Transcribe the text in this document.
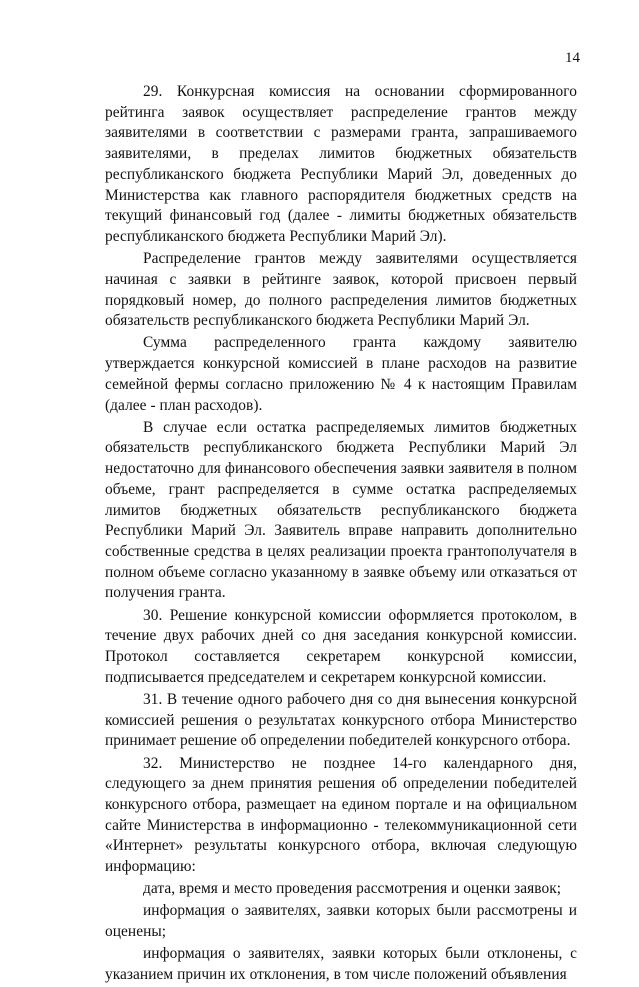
14

29. Конкурсная комиссия на основании сформированного рейтинга заявок осуществляет распределение грантов между заявителями в соответствии с размерами гранта, запрашиваемого заявителями, в пределах лимитов бюджетных обязательств республиканского бюджета Республики Марий Эл, доведенных до Министерства как главного распорядителя бюджетных средств на текущий финансовый год (далее - лимиты бюджетных обязательств республиканского бюджета Республики Марий Эл).

Распределение грантов между заявителями осуществляется начиная с заявки в рейтинге заявок, которой присвоен первый порядковый номер, до полного распределения лимитов бюджетных обязательств республиканского бюджета Республики Марий Эл.

Сумма распределенного гранта каждому заявителю утверждается конкурсной комиссией в плане расходов на развитие семейной фермы согласно приложению № 4 к настоящим Правилам (далее - план расходов).

В случае если остатка распределяемых лимитов бюджетных обязательств республиканского бюджета Республики Марий Эл недостаточно для финансового обеспечения заявки заявителя в полном объеме, грант распределяется в сумме остатка распределяемых лимитов бюджетных обязательств республиканского бюджета Республики Марий Эл. Заявитель вправе направить дополнительно собственные средства в целях реализации проекта грантополучателя в полном объеме согласно указанному в заявке объему или отказаться от получения гранта.

30. Решение конкурсной комиссии оформляется протоколом, в течение двух рабочих дней со дня заседания конкурсной комиссии. Протокол составляется секретарем конкурсной комиссии, подписывается председателем и секретарем конкурсной комиссии.

31. В течение одного рабочего дня со дня вынесения конкурсной комиссией решения о результатах конкурсного отбора Министерство принимает решение об определении победителей конкурсного отбора.

32. Министерство не позднее 14-го календарного дня, следующего за днем принятия решения об определении победителей конкурсного отбора, размещает на едином портале и на официальном сайте Министерства в информационно - телекоммуникационной сети «Интернет» результаты конкурсного отбора, включая следующую информацию:

дата, время и место проведения рассмотрения и оценки заявок;

информация о заявителях, заявки которых были рассмотрены и оценены;

информация о заявителях, заявки которых были отклонены, с указанием причин их отклонения, в том числе положений объявления
